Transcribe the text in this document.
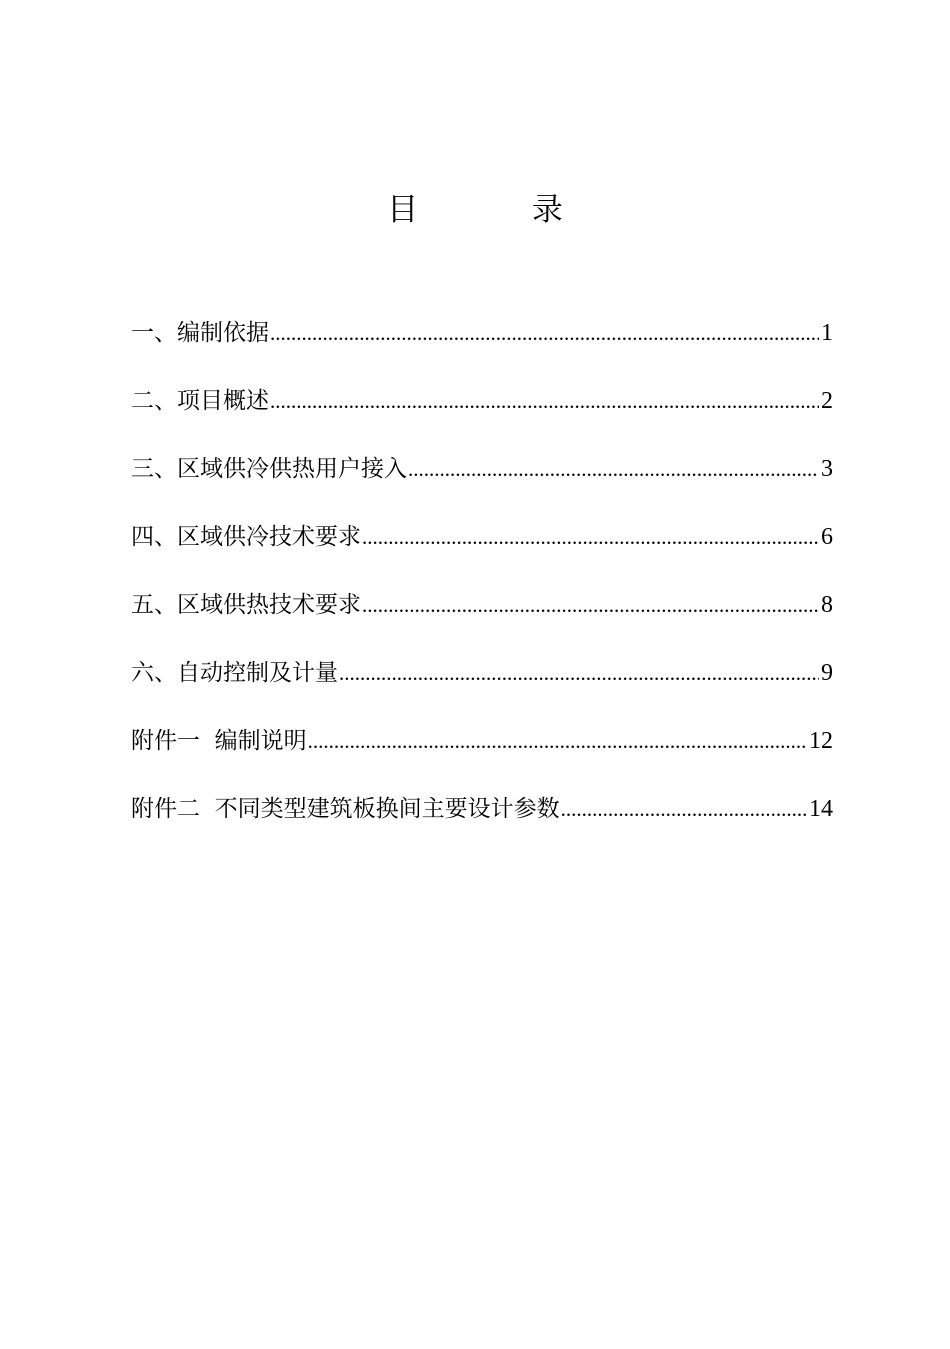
目 录
一、编制依据 .....	1
二、项目概述 .....	2
三、区域供冷供热用户接入 .....	3
四、区域供冷技术要求 .....	6
五、区域供热技术要求 .....	8
六、自动控制及计量 .....	9
附件一  编制说明 .....	12
附件二  不同类型建筑板换间主要设计参数 .....	14
